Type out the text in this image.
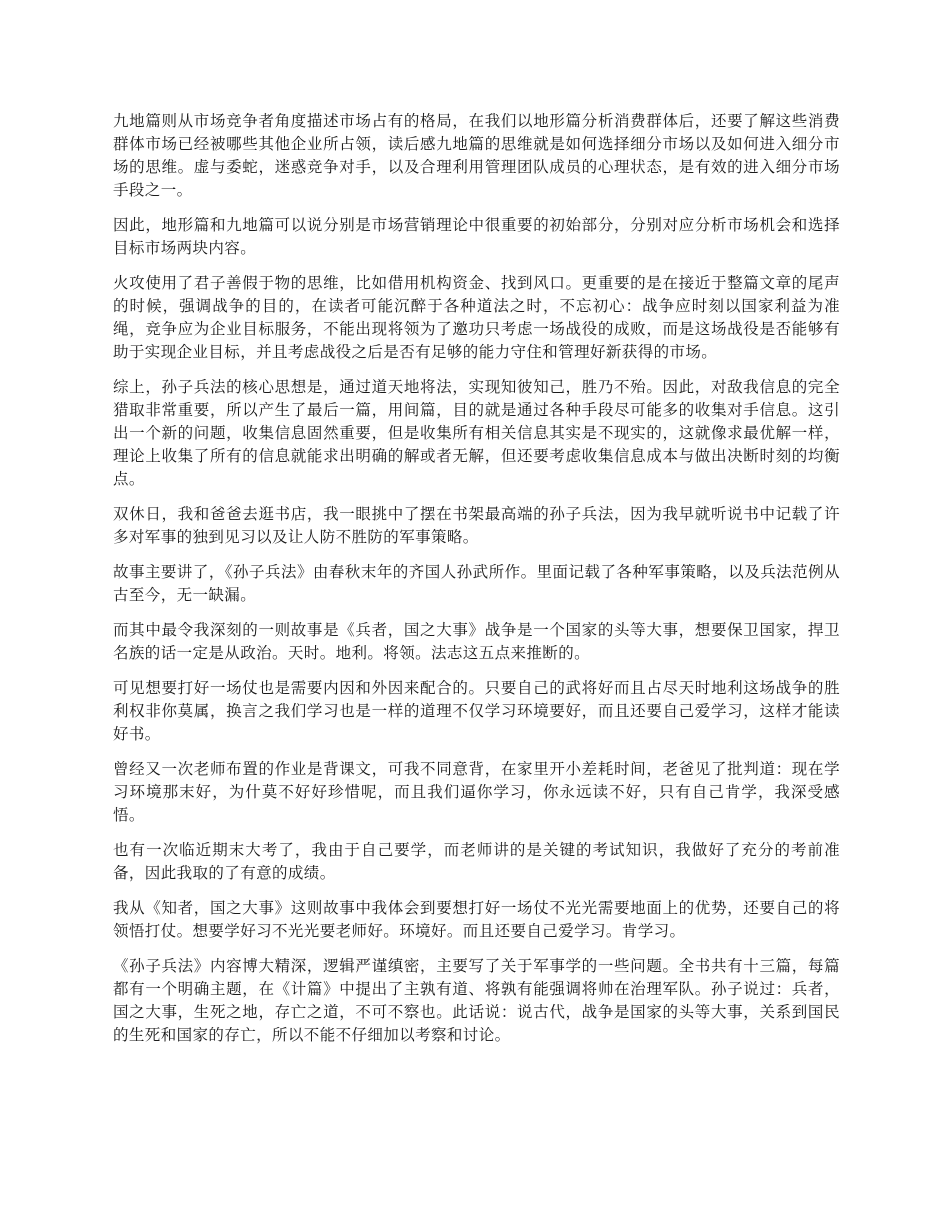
九地篇则从市场竞争者角度描述市场占有的格局，在我们以地形篇分析消费群体后，还要了解这些消费群体市场已经被哪些其他企业所占领，读后感九地篇的思维就是如何选择细分市场以及如何进入细分市场的思维。虚与委蛇，迷惑竞争对手，以及合理利用管理团队成员的心理状态，是有效的进入细分市场手段之一。

因此，地形篇和九地篇可以说分别是市场营销理论中很重要的初始部分，分别对应分析市场机会和选择目标市场两块内容。

火攻使用了君子善假于物的思维，比如借用机构资金、找到风口。更重要的是在接近于整篇文章的尾声的时候，强调战争的目的，在读者可能沉醉于各种道法之时，不忘初心：战争应时刻以国家利益为准绳，竞争应为企业目标服务，不能出现将领为了邀功只考虑一场战役的成败，而是这场战役是否能够有助于实现企业目标，并且考虑战役之后是否有足够的能力守住和管理好新获得的市场。

综上，孙子兵法的核心思想是，通过道天地将法，实现知彼知己，胜乃不殆。因此，对敌我信息的完全猎取非常重要，所以产生了最后一篇，用间篇，目的就是通过各种手段尽可能多的收集对手信息。这引出一个新的问题，收集信息固然重要，但是收集所有相关信息其实是不现实的，这就像求最优解一样，理论上收集了所有的信息就能求出明确的解或者无解，但还要考虑收集信息成本与做出决断时刻的均衡点。

双休日，我和爸爸去逛书店，我一眼挑中了摆在书架最高端的孙子兵法，因为我早就听说书中记载了许多对军事的独到见习以及让人防不胜防的军事策略。

故事主要讲了，《孙子兵法》由春秋末年的齐国人孙武所作。里面记载了各种军事策略，以及兵法范例从古至今，无一缺漏。

而其中最令我深刻的一则故事是《兵者，国之大事》战争是一个国家的头等大事，想要保卫国家，捍卫名族的话一定是从政治。天时。地利。将领。法志这五点来推断的。

可见想要打好一场仗也是需要内因和外因来配合的。只要自己的武将好而且占尽天时地利这场战争的胜利权非你莫属，换言之我们学习也是一样的道理不仅学习环境要好，而且还要自己爱学习，这样才能读好书。

曾经又一次老师布置的作业是背课文，可我不同意背，在家里开小差耗时间，老爸见了批判道：现在学习环境那末好，为什莫不好好珍惜呢，而且我们逼你学习，你永远读不好，只有自己肯学，我深受感悟。

也有一次临近期末大考了，我由于自己要学，而老师讲的是关键的考试知识，我做好了充分的考前准备，因此我取的了有意的成绩。

我从《知者，国之大事》这则故事中我体会到要想打好一场仗不光光需要地面上的优势，还要自己的将领悟打仗。想要学好习不光光要老师好。环境好。而且还要自己爱学习。肯学习。

《孙子兵法》内容博大精深，逻辑严谨缜密，主要写了关于军事学的一些问题。全书共有十三篇，每篇都有一个明确主题，在《计篇》中提出了主孰有道、将孰有能强调将帅在治理军队。孙子说过：兵者，国之大事，生死之地，存亡之道，不可不察也。此话说：说古代，战争是国家的头等大事，关系到国民的生死和国家的存亡，所以不能不仔细加以考察和讨论。
